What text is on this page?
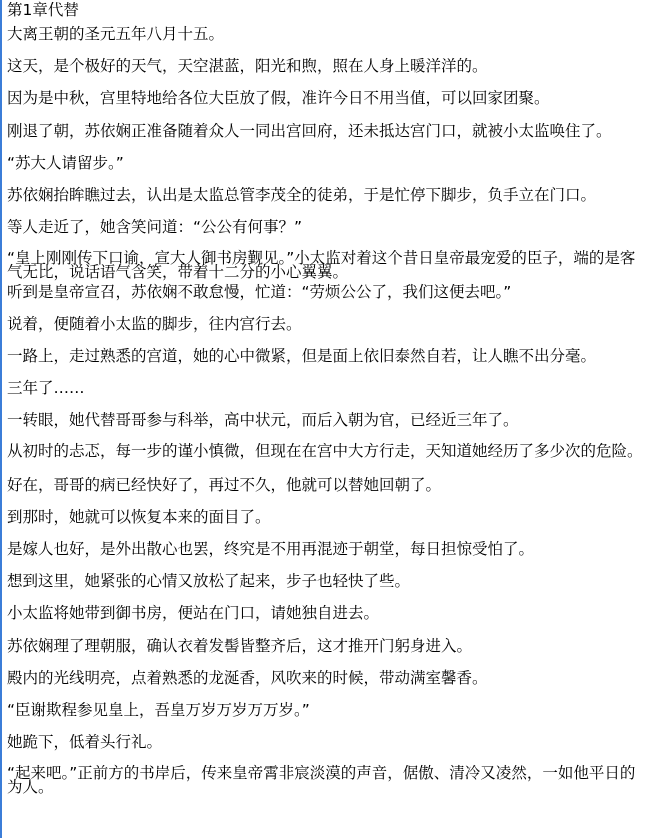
第1章代替

大离王朝的圣元五年八月十五。

这天，是个极好的天气，天空湛蓝，阳光和煦，照在人身上暖洋洋的。

因为是中秋，宫里特地给各位大臣放了假，准许今日不用当值，可以回家团聚。

刚退了朝，苏依娴正准备随着众人一同出宫回府，还未抵达宫门口，就被小太监唤住了。

“苏大人请留步。”

苏依娴抬眸瞧过去，认出是太监总管李茂全的徒弟，于是忙停下脚步，负手立在门口。

等人走近了，她含笑问道：“公公有何事？”

“皇上刚刚传下口谕，宣大人御书房觐见。”小太监对着这个昔日皇帝最宠爱的臣子，端的是客气无比，说话语气含笑，带着十二分的小心翼翼。

听到是皇帝宣召，苏依娴不敢怠慢，忙道：“劳烦公公了，我们这便去吧。”

说着，便随着小太监的脚步，往内宫行去。

一路上，走过熟悉的宫道，她的心中微紧，但是面上依旧泰然自若，让人瞧不出分毫。

三年了……

一转眼，她代替哥哥参与科举，高中状元，而后入朝为官，已经近三年了。

从初时的忐忑，每一步的谨小慎微，但现在在宫中大方行走，天知道她经历了多少次的危险。

好在，哥哥的病已经快好了，再过不久，他就可以替她回朝了。

到那时，她就可以恢复本来的面目了。

是嫁人也好，是外出散心也罢，终究是不用再混迹于朝堂，每日担惊受怕了。

想到这里，她紧张的心情又放松了起来，步子也轻快了些。

小太监将她带到御书房，便站在门口，请她独自进去。

苏依娴理了理朝服，确认衣着发髻皆整齐后，这才推开门躬身进入。

殿内的光线明亮，点着熟悉的龙涎香，风吹来的时候，带动满室馨香。

“臣谢欺程参见皇上，吾皇万岁万岁万万岁。”

她跪下，低着头行礼。

“起来吧。”正前方的书岸后，传来皇帝霄非宸淡漠的声音，倨傲、清冷又凌然，一如他平日的为人。
